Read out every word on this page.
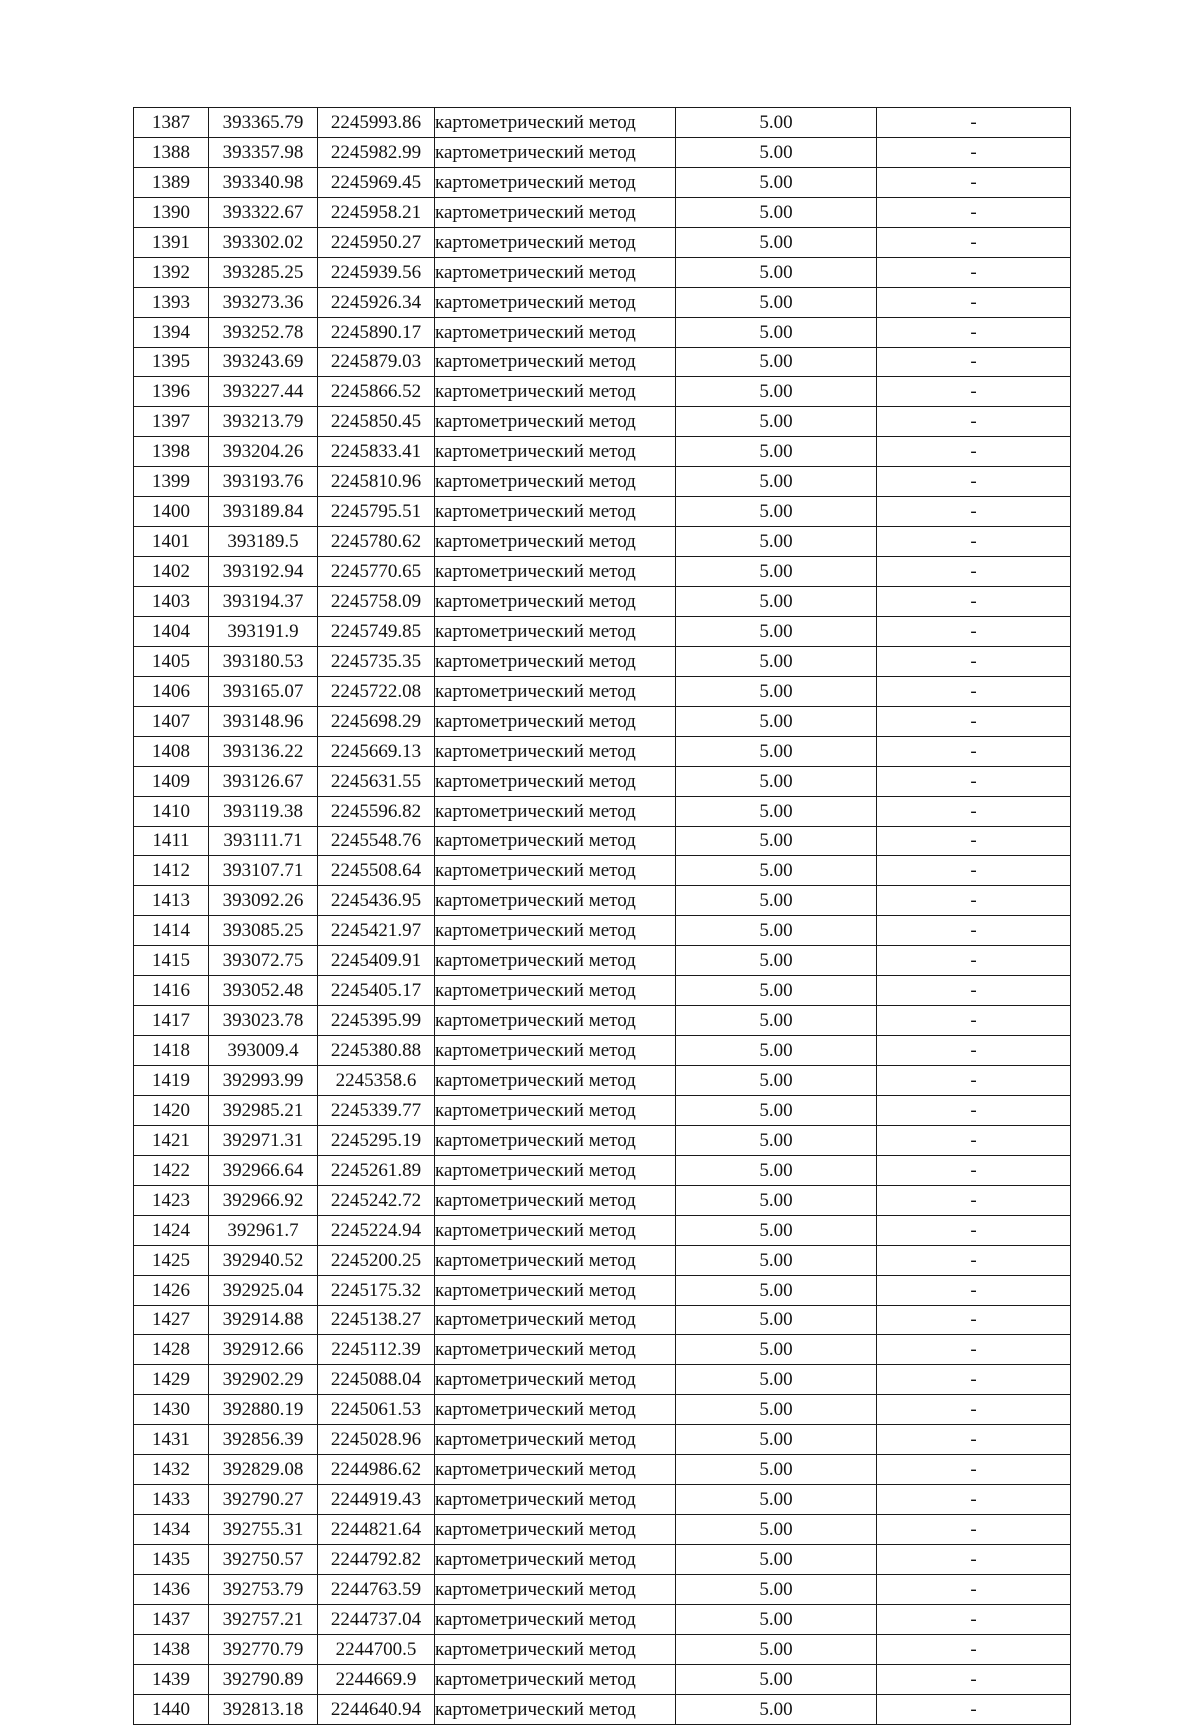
1387	393365.79	2245993.86	картометрический метод	5.00	-
1388	393357.98	2245982.99	картометрический метод	5.00	-
1389	393340.98	2245969.45	картометрический метод	5.00	-
1390	393322.67	2245958.21	картометрический метод	5.00	-
1391	393302.02	2245950.27	картометрический метод	5.00	-
1392	393285.25	2245939.56	картометрический метод	5.00	-
1393	393273.36	2245926.34	картометрический метод	5.00	-
1394	393252.78	2245890.17	картометрический метод	5.00	-
1395	393243.69	2245879.03	картометрический метод	5.00	-
1396	393227.44	2245866.52	картометрический метод	5.00	-
1397	393213.79	2245850.45	картометрический метод	5.00	-
1398	393204.26	2245833.41	картометрический метод	5.00	-
1399	393193.76	2245810.96	картометрический метод	5.00	-
1400	393189.84	2245795.51	картометрический метод	5.00	-
1401	393189.5	2245780.62	картометрический метод	5.00	-
1402	393192.94	2245770.65	картометрический метод	5.00	-
1403	393194.37	2245758.09	картометрический метод	5.00	-
1404	393191.9	2245749.85	картометрический метод	5.00	-
1405	393180.53	2245735.35	картометрический метод	5.00	-
1406	393165.07	2245722.08	картометрический метод	5.00	-
1407	393148.96	2245698.29	картометрический метод	5.00	-
1408	393136.22	2245669.13	картометрический метод	5.00	-
1409	393126.67	2245631.55	картометрический метод	5.00	-
1410	393119.38	2245596.82	картометрический метод	5.00	-
1411	393111.71	2245548.76	картометрический метод	5.00	-
1412	393107.71	2245508.64	картометрический метод	5.00	-
1413	393092.26	2245436.95	картометрический метод	5.00	-
1414	393085.25	2245421.97	картометрический метод	5.00	-
1415	393072.75	2245409.91	картометрический метод	5.00	-
1416	393052.48	2245405.17	картометрический метод	5.00	-
1417	393023.78	2245395.99	картометрический метод	5.00	-
1418	393009.4	2245380.88	картометрический метод	5.00	-
1419	392993.99	2245358.6	картометрический метод	5.00	-
1420	392985.21	2245339.77	картометрический метод	5.00	-
1421	392971.31	2245295.19	картометрический метод	5.00	-
1422	392966.64	2245261.89	картометрический метод	5.00	-
1423	392966.92	2245242.72	картометрический метод	5.00	-
1424	392961.7	2245224.94	картометрический метод	5.00	-
1425	392940.52	2245200.25	картометрический метод	5.00	-
1426	392925.04	2245175.32	картометрический метод	5.00	-
1427	392914.88	2245138.27	картометрический метод	5.00	-
1428	392912.66	2245112.39	картометрический метод	5.00	-
1429	392902.29	2245088.04	картометрический метод	5.00	-
1430	392880.19	2245061.53	картометрический метод	5.00	-
1431	392856.39	2245028.96	картометрический метод	5.00	-
1432	392829.08	2244986.62	картометрический метод	5.00	-
1433	392790.27	2244919.43	картометрический метод	5.00	-
1434	392755.31	2244821.64	картометрический метод	5.00	-
1435	392750.57	2244792.82	картометрический метод	5.00	-
1436	392753.79	2244763.59	картометрический метод	5.00	-
1437	392757.21	2244737.04	картометрический метод	5.00	-
1438	392770.79	2244700.5	картометрический метод	5.00	-
1439	392790.89	2244669.9	картометрический метод	5.00	-
1440	392813.18	2244640.94	картометрический метод	5.00	-
